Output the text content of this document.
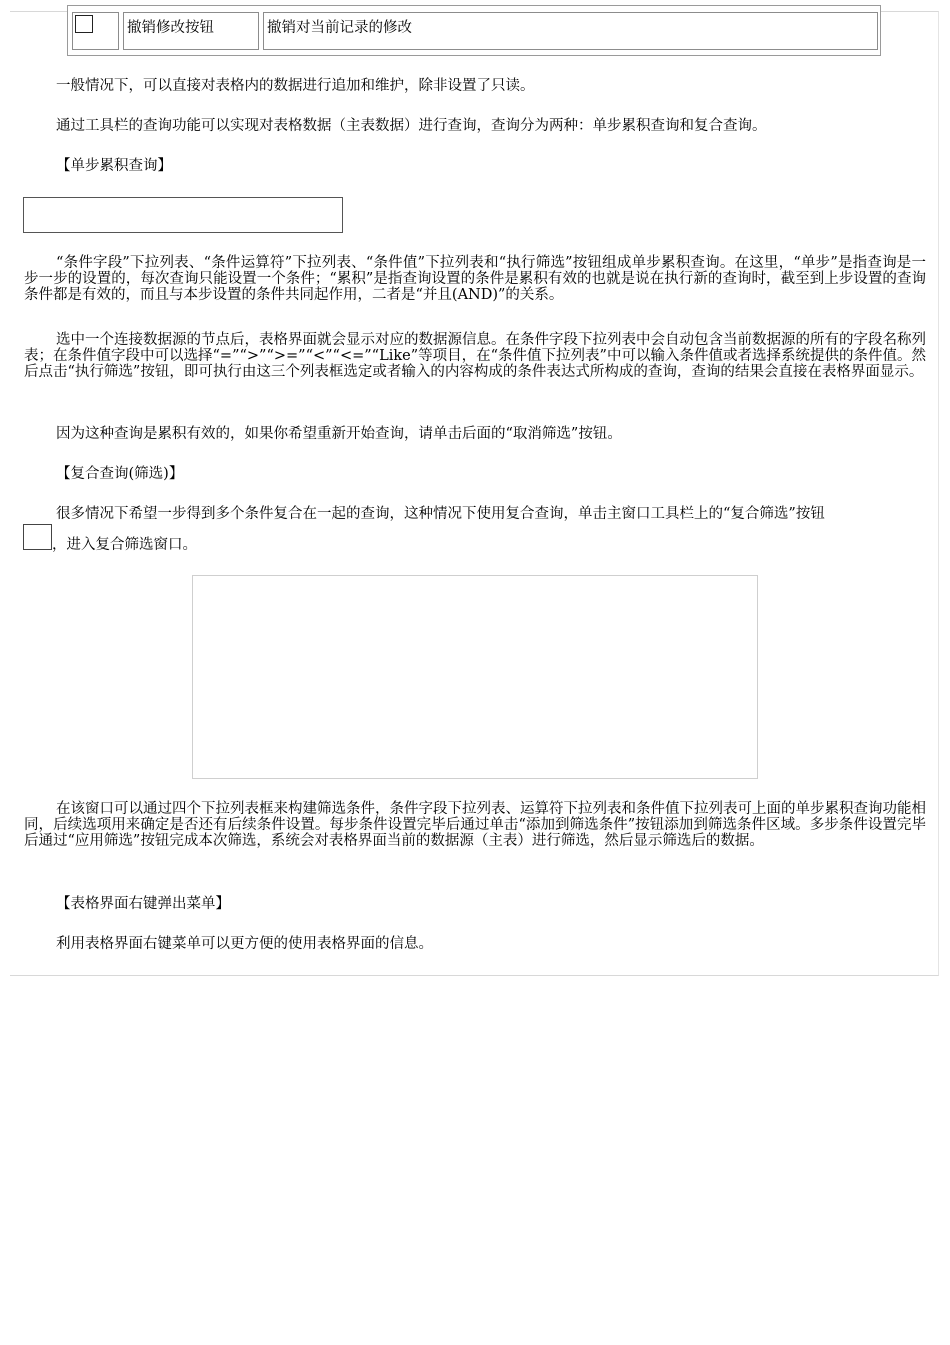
撤销修改按钮	撤销对当前记录的修改

一般情况下，可以直接对表格内的数据进行追加和维护，除非设置了只读。

通过工具栏的查询功能可以实现对表格数据（主表数据）进行查询，查询分为两种：单步累积查询和复合查询。

【单步累积查询】

“条件字段”下拉列表、“条件运算符”下拉列表、“条件值”下拉列表和“执行筛选”按钮组成单步累积查询。在这里，“单步”是指查询是一步一步的设置的，每次查询只能设置一个条件；“累积”是指查询设置的条件是累积有效的也就是说在执行新的查询时，截至到上步设置的查询条件都是有效的，而且与本步设置的条件共同起作用，二者是“并且(AND)”的关系。

选中一个连接数据源的节点后，表格界面就会显示对应的数据源信息。在条件字段下拉列表中会自动包含当前数据源的所有的字段名称列表；在条件值字段中可以选择“=”“>”“>=”“<”“<=”“Like”等项目，在“条件值下拉列表”中可以输入条件值或者选择系统提供的条件值。然后点击“执行筛选”按钮，即可执行由这三个列表框选定或者输入的内容构成的条件表达式所构成的查询，查询的结果会直接在表格界面显示。

因为这种查询是累积有效的，如果你希望重新开始查询，请单击后面的“取消筛选”按钮。

【复合查询(筛选)】

很多情况下希望一步得到多个条件复合在一起的查询，这种情况下使用复合查询，单击主窗口工具栏上的“复合筛选”按钮

，进入复合筛选窗口。

在该窗口可以通过四个下拉列表框来构建筛选条件，条件字段下拉列表、运算符下拉列表和条件值下拉列表可上面的单步累积查询功能相同，后续选项用来确定是否还有后续条件设置。每步条件设置完毕后通过单击“添加到筛选条件”按钮添加到筛选条件区域。多步条件设置完毕后通过“应用筛选”按钮完成本次筛选，系统会对表格界面当前的数据源（主表）进行筛选，然后显示筛选后的数据。

【表格界面右键弹出菜单】

利用表格界面右键菜单可以更方便的使用表格界面的信息。
